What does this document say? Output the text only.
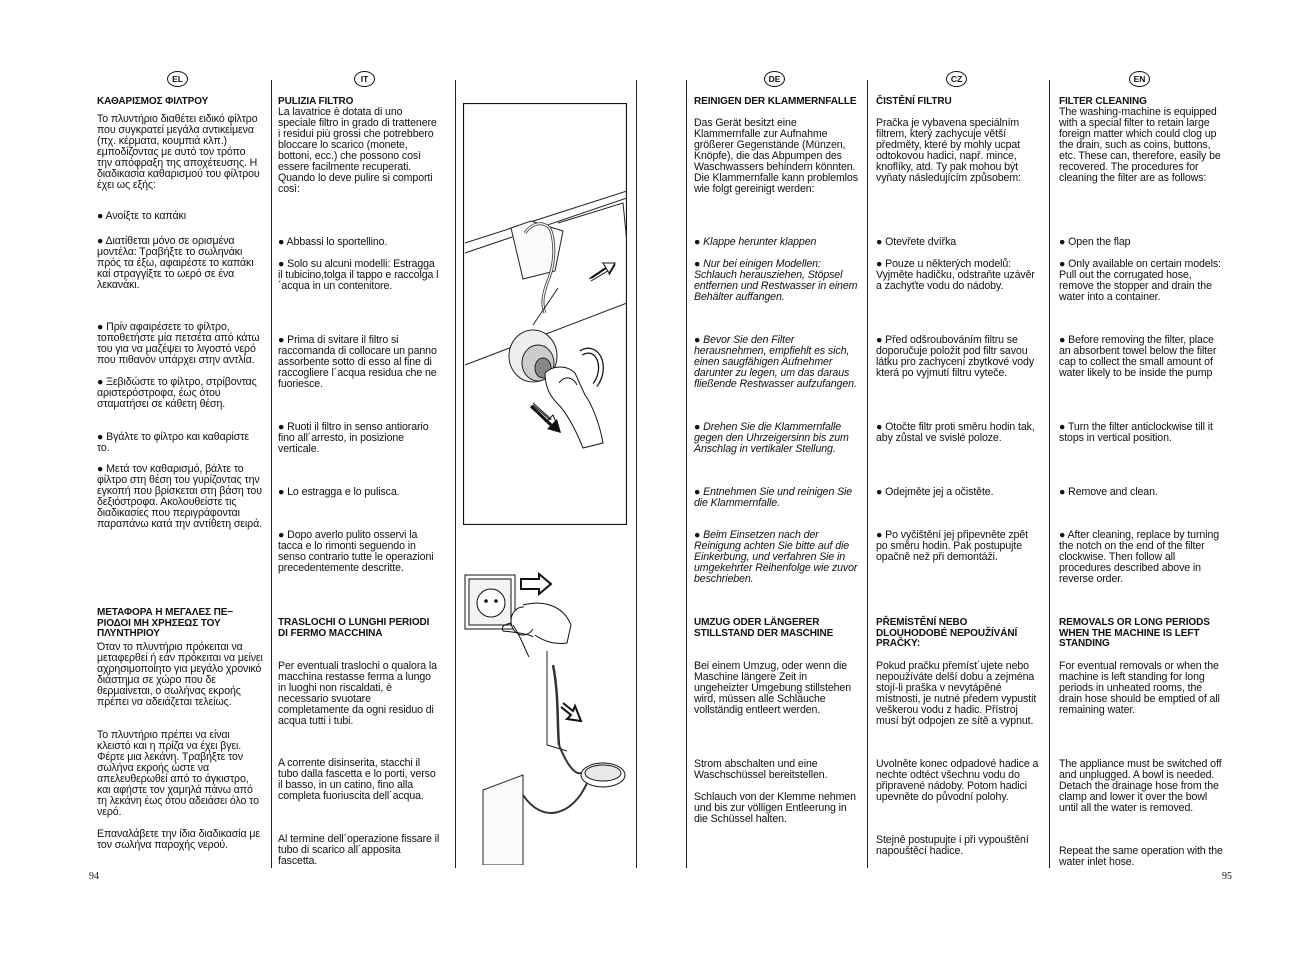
EL	IT	DE	CZ	EN
ΚΑΘΑΡΙΣΜΟΣ ΦΙΛΤΡΟΥ
Το πλυντήριο διαθέτει ειδικό φίλτρο που συγκρατεί μεγάλα αντικείμενα (πχ. κέρματα, κουμπιά κλπ.) εμποδίζοντας με αυτό τον τρόπο την απόφραξη της αποχέτευσης. Η διαδικασία καθαρισμού του φίλτρου έχει ως εξής:
● Ανοίξτε το καπάκι
● Διατίθεται μόνο σε ορισμένα μοντέλα: Τραβήξτε το σωληνάκι πρός τα έξω, αφαιρέστε το καπάκι καί στραγγίξτε το ωερό σε ένα λεκανάκι.
● Πρίν αφαιρέσετε το φίλτρο, τοποθετήστε μία πετσέτα από κάτω του για να μαζέψει το λιγοστό νερό που πιθανόν υπάρχει στην αντλία.
● Ξεβιδώστε το φίλτρο, στρίβοντας αριστερόστροφα, έως ότου σταματήσει σε κάθετη θέση.
● Βγάλτε το φίλτρο και καθαρίστε το.
● Μετά τον καθαρισμό, βάλτε το φίλτρο στη θέση του γυρίζοντας την εγκοπή που βρίσκεται στη βάση του δεξιόστροφα. Ακολουθείστε τις διαδικασίες που περιγράφονται παραπάνω κατά την αντίθετη σειρά.
ΜΕΤΑΦΟΡΑ Η ΜΕΓΑΛΕΣ ΠΕ− ΡΙΟΔΟΙ ΜΗ ΧΡΗΣΕΩΣ ΤΟΥ ΠΛΥΝΤΗΡΙΟΥ
Όταν το πλυντήριο πρόκειται να μεταφερθεί ή εάν πρόκειται να μείνει αχρησιμοποίητο για μεγάλο χρονικό διάστημα σε χώρο που δε θερμαίνεται, ο σωλήνας εκροής πρέπει να αδειάζεται τελείως.
Το πλυντήριο πρέπει να είναι κλειστό και η πρίζα να έχει βγει. Φέρτε μια λεκάνη. Τραβήξτε τον σωλήνα εκροής ώστε να απελευθερωθεί από το άγκιστρο, και αφήστε τον χαμηλά πάνω από τη λεκάνη έως ότου αδειάσει όλο το νερό.
Επαναλάβετε την ίδια διαδικασία με τον σωλήνα παροχής νερού.
PULIZIA FILTRO
La lavatrice è dotata di uno speciale filtro in grado di trattenere i residui più grossi che potrebbero bloccare lo scarico (monete, bottoni, ecc.) che possono così essere facilmente recuperati. Quando lo deve pulire si comporti così:
● Abbassi lo sportellino.
● Solo su alcuni modelli: Estragga il tubicino,tolga il tappo e raccolga l´acqua in un contenitore.
● Prima di svitare il filtro si raccomanda di collocare un panno assorbente sotto di esso al fine di raccogliere l´acqua residua che ne fuoriesce.
● Ruoti il filtro in senso antiorario fino all´arresto, in posizione verticale.
● Lo estragga e lo pulisca.
● Dopo averlo pulito osservi la tacca e lo rimonti seguendo in senso contrario tutte le operazioni precedentemente descritte.
TRASLOCHI O LUNGHI PERIODI DI FERMO MACCHINA
Per eventuali traslochi o qualora la macchina restasse ferma a lungo in luoghi non riscaldati, è necessario svuotare completamente da ogni residuo di acqua tutti i tubi.
A corrente disinserita, stacchi il tubo dalla fascetta e lo porti, verso il basso, in un catino, fino alla completa fuoriuscita dell´acqua.
Al termine dell´operazione fissare il tubo di scarico all´apposita fascetta.
REINIGEN DER KLAMMERNFALLE
Das Gerät besitzt eine Klammernfalle zur Aufnahme größerer Gegenstände (Münzen, Knöpfe), die das Abpumpen des Waschwassers behindern könnten. Die Klammernfalle kann problemlos wie folgt gereinigt werden:
● Klappe herunter klappen
● Nur bei einigen Modellen: Schlauch herausziehen, Stöpsel entfernen und Restwasser in einem Behälter auffangen.
● Bevor Sie den Filter herausnehmen, empfiehlt es sich, einen saugfähigen Aufnehmer darunter zu legen, um das daraus fließende Restwasser aufzufangen.
● Drehen Sie die Klammernfalle gegen den Uhrzeigersinn bis zum Anschlag in vertikaler Stellung.
● Entnehmen Sie und reinigen Sie die Klammernfalle.
● Beim Einsetzen nach der Reinigung achten Sie bitte auf die Einkerbung, und verfahren Sie in umgekehrter Reihenfolge wie zuvor beschrieben.
UMZUG ODER LÄNGERER STILLSTAND DER MASCHINE
Bei einem Umzug, oder wenn die Maschine längere Zeit in ungeheizter Umgebung stillstehen wird, müssen alle Schläuche vollständig entleert werden.
Strom abschalten und eine Waschschüssel bereitstellen.
Schlauch von der Klemme nehmen und bis zur völligen Entleerung in die Schüssel halten.
ČISTĚNÍ FILTRU
Pračka je vybavena speciálním filtrem, který zachycuje větší předměty, které by mohly ucpat odtokovou hadici, např. mince, knoflíky, atd. Ty pak mohou být vyňaty následujícím způsobem:
● Otevřete dvířka
● Pouze u některých modelů: Vyjměte hadičku, odstraňte uzávěr a zachyťte vodu do nádoby.
● Před odšroubováním filtru se doporučuje položit pod filtr savou látku pro zachycení zbytkové vody která po vyjmutí filtru vyteče.
● Otočte filtr proti směru hodin tak, aby zůstal ve svislé poloze.
● Odejměte jej a očistěte.
● Po vyčištění jej připevněte zpět po směru hodin. Pak postupujte opačně než při demontáži.
PŘEMÍSTĚNÍ NEBO DLOUHODOBÉ NEPOUŽÍVÁNÍ PRAČKY:
Pokud pračku přemíst´ujete nebo nepoužíváte delší dobu a zejména stojí-li praška v nevytápěné místnosti, je nutné předem vypustit veškerou vodu z hadic. Přístroj musí být odpojen ze sítě a vypnut.
Uvolněte konec odpadové hadice a nechte odtéct všechnu vodu do připravené nádoby. Potom hadici upevněte do původní polohy.
Stejně postupujte i při vypouštění napouštěcí hadice.
FILTER CLEANING
The washing-machine is equipped with a special filter to retain large foreign matter which could clog up the drain, such as coins, buttons, etc. These can, therefore, easily be recovered. The procedures for cleaning the filter are as follows:
● Open the flap
● Only available on certain models: Pull out the corrugated hose, remove the stopper and drain the water into a container.
● Before removing the filter, place an absorbent towel below the filter cap to collect the small amount of water likely to be inside the pump
● Turn the filter anticlockwise till it stops in vertical position.
● Remove and clean.
● After cleaning, replace by turning the notch on the end of the filter clockwise. Then follow all procedures described above in reverse order.
REMOVALS OR LONG PERIODS WHEN THE MACHINE IS LEFT STANDING
For eventual removals or when the machine is left standing for long periods in unheated rooms, the drain hose should be emptied of all remaining water.
The appliance must be switched off and unplugged. A bowl is needed. Detach the drainage hose from the clamp and lower it over the bowl until all the water is removed.
Repeat the same operation with the water inlet hose.
94	95
